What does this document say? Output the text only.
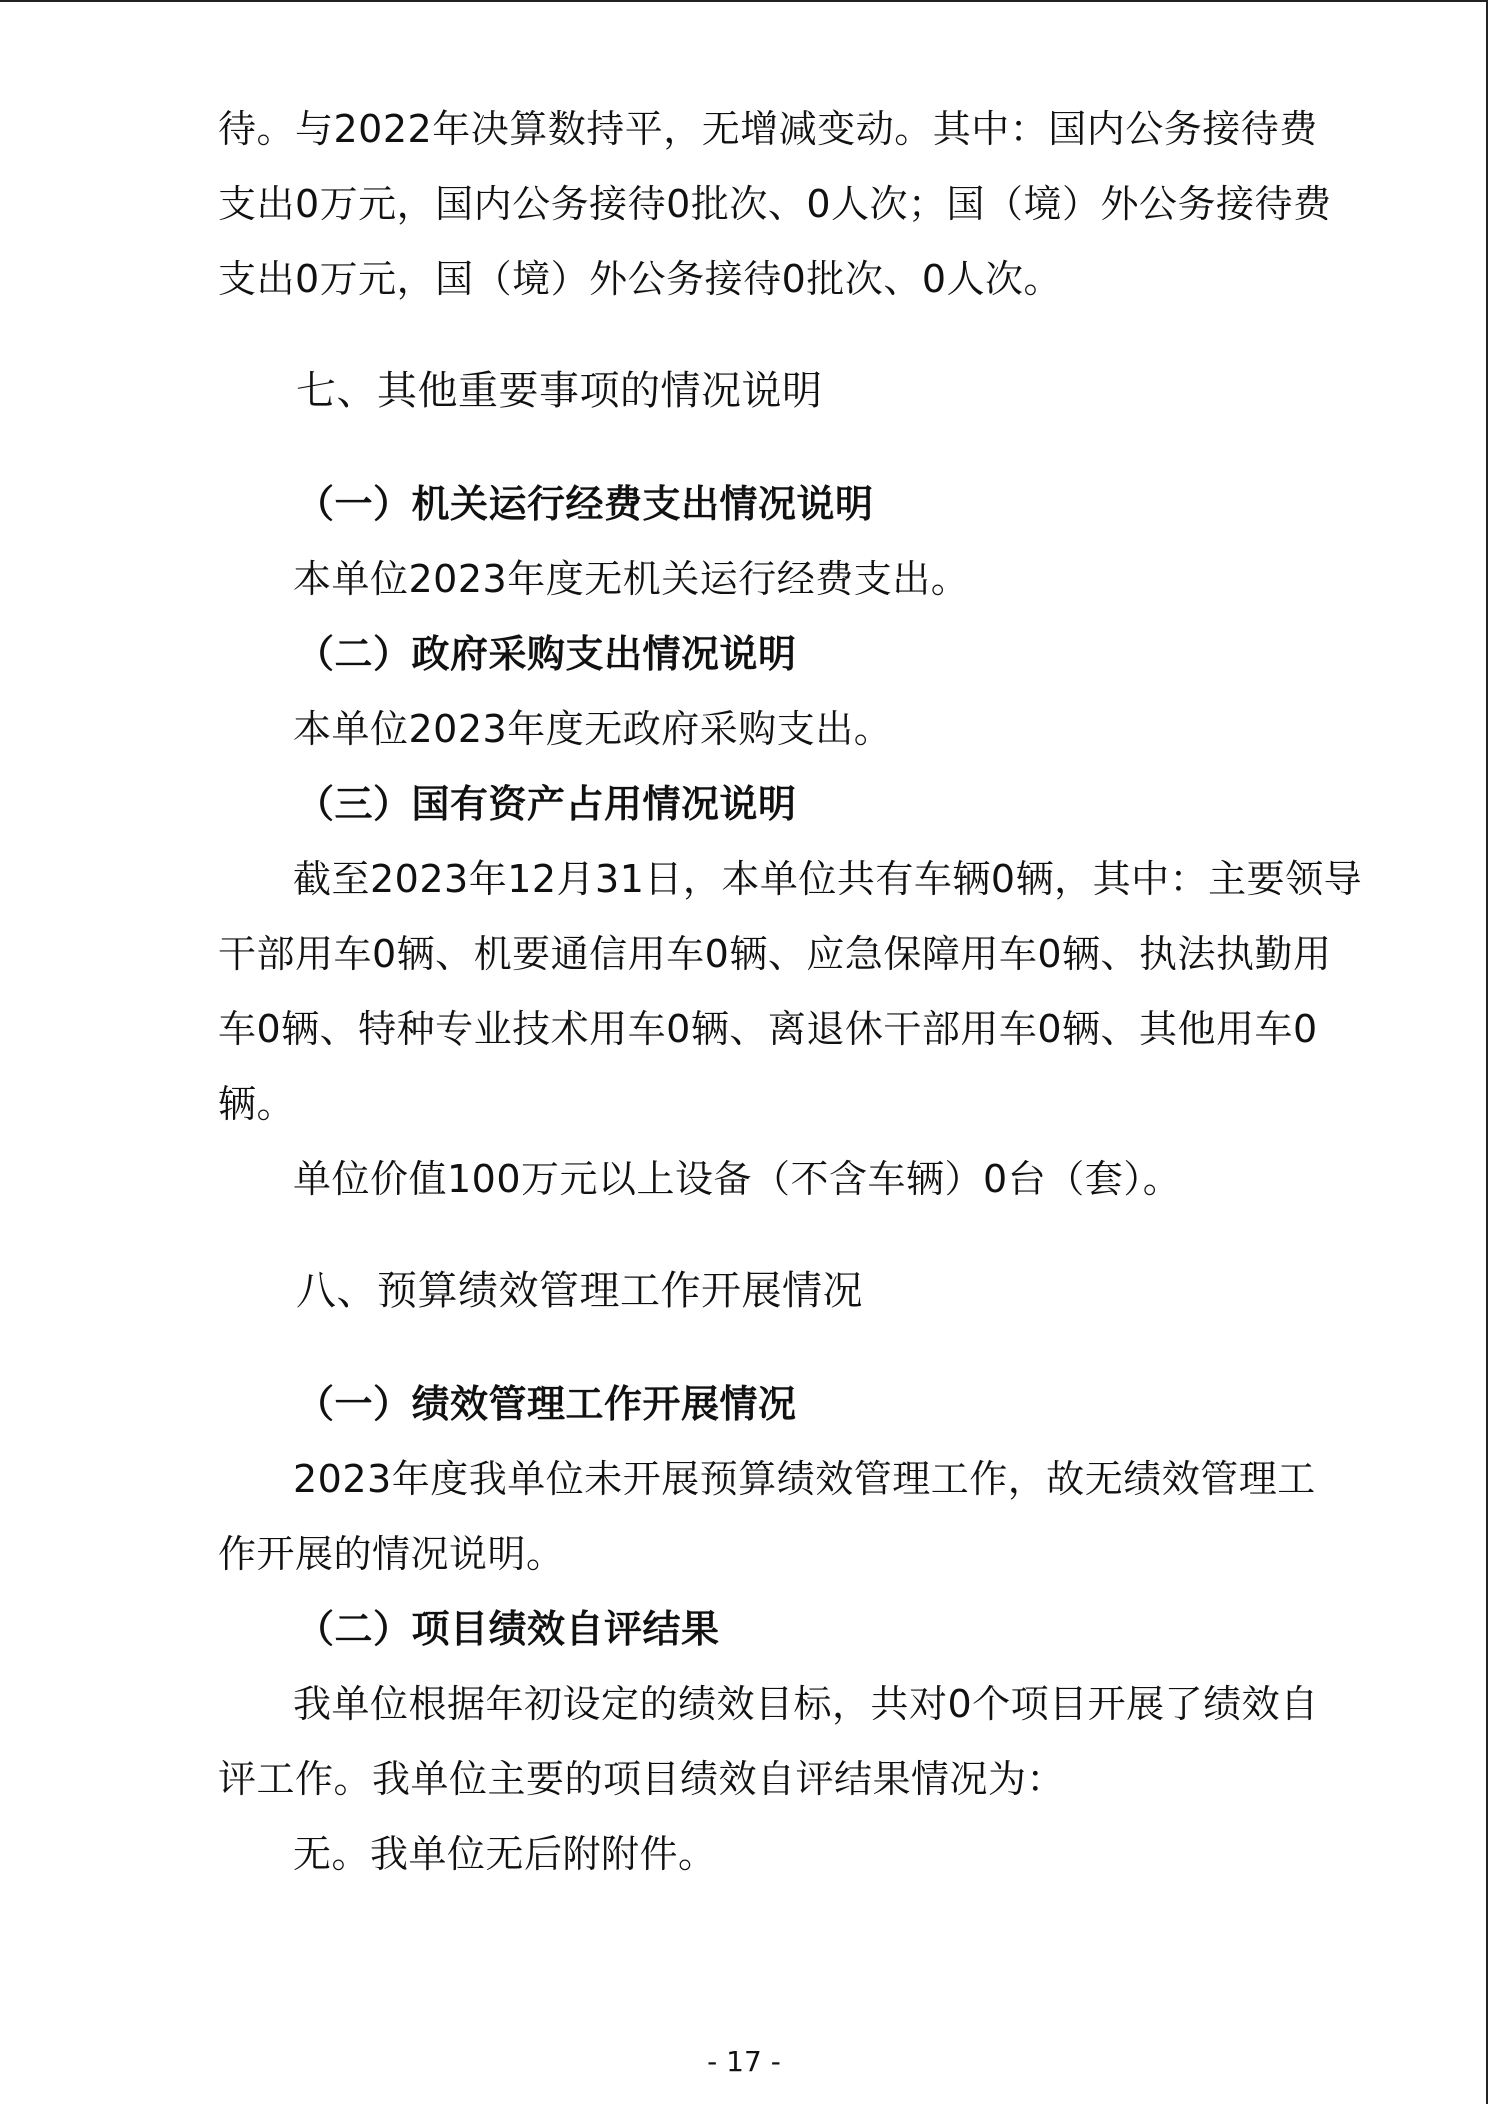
待。与2022年决算数持平，无增减变动。其中：国内公务接待费
支出0万元，国内公务接待0批次、0人次；国（境）外公务接待费
支出0万元，国（境）外公务接待0批次、0人次。
七、其他重要事项的情况说明
（一）机关运行经费支出情况说明
本单位2023年度无机关运行经费支出。
（二）政府采购支出情况说明
本单位2023年度无政府采购支出。
（三）国有资产占用情况说明
截至2023年12月31日，本单位共有车辆0辆，其中：主要领导
干部用车0辆、机要通信用车0辆、应急保障用车0辆、执法执勤用
车0辆、特种专业技术用车0辆、离退休干部用车0辆、其他用车0
辆。
单位价值100万元以上设备（不含车辆）0台（套）。
八、预算绩效管理工作开展情况
（一）绩效管理工作开展情况
2023年度我单位未开展预算绩效管理工作，故无绩效管理工
作开展的情况说明。
（二）项目绩效自评结果
我单位根据年初设定的绩效目标，共对0个项目开展了绩效自
评工作。我单位主要的项目绩效自评结果情况为：
无。我单位无后附附件。
- 17 -
